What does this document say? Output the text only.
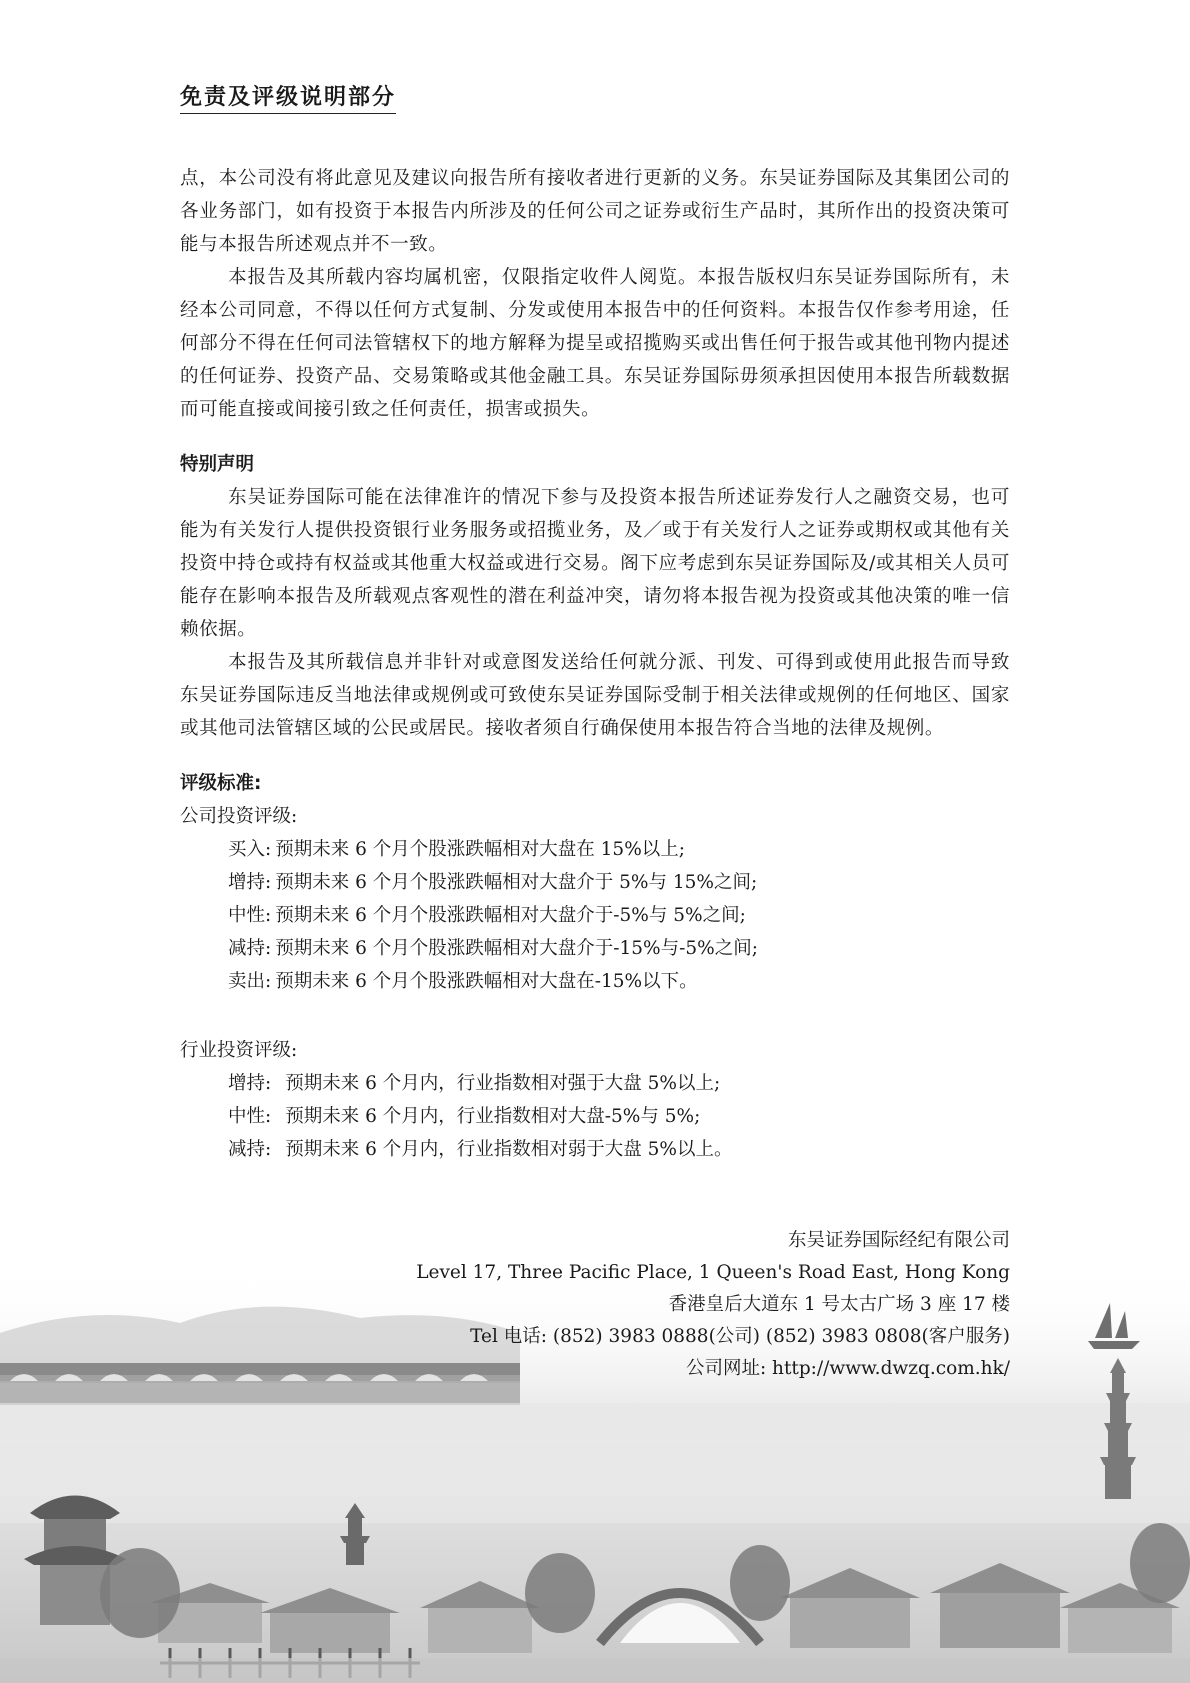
免责及评级说明部分

点，本公司没有将此意见及建议向报告所有接收者进行更新的义务。东吴证券国际及其集团公司的各业务部门，如有投资于本报告内所涉及的任何公司之证券或衍生产品时，其所作出的投资决策可能与本报告所述观点并不一致。

本报告及其所载内容均属机密，仅限指定收件人阅览。本报告版权归东吴证券国际所有，未经本公司同意，不得以任何方式复制、分发或使用本报告中的任何资料。本报告仅作参考用途，任何部分不得在任何司法管辖权下的地方解释为提呈或招揽购买或出售任何于报告或其他刊物内提述的任何证券、投资产品、交易策略或其他金融工具。东吴证券国际毋须承担因使用本报告所载数据而可能直接或间接引致之任何责任，损害或损失。

特别声明

东吴证券国际可能在法律准许的情况下参与及投资本报告所述证券发行人之融资交易，也可能为有关发行人提供投资银行业务服务或招揽业务，及／或于有关发行人之证券或期权或其他有关投资中持仓或持有权益或其他重大权益或进行交易。阁下应考虑到东吴证券国际及/或其相关人员可能存在影响本报告及所载观点客观性的潜在利益冲突，请勿将本报告视为投资或其他决策的唯一信赖依据。

本报告及其所载信息并非针对或意图发送给任何就分派、刊发、可得到或使用此报告而导致东吴证券国际违反当地法律或规例或可致使东吴证券国际受制于相关法律或规例的任何地区、国家或其他司法管辖区域的公民或居民。接收者须自行确保使用本报告符合当地的法律及规例。

评级标准:

公司投资评级:

买入: 预期未来 6 个月个股涨跌幅相对大盘在 15%以上;
增持: 预期未来 6 个月个股涨跌幅相对大盘介于 5%与 15%之间;
中性: 预期未来 6 个月个股涨跌幅相对大盘介于-5%与 5%之间;
减持: 预期未来 6 个月个股涨跌幅相对大盘介于-15%与-5%之间;
卖出: 预期未来 6 个月个股涨跌幅相对大盘在-15%以下。

行业投资评级:

增持: 预期未来 6 个月内，行业指数相对强于大盘 5%以上;
中性: 预期未来 6 个月内，行业指数相对大盘-5%与 5%;
减持: 预期未来 6 个月内，行业指数相对弱于大盘 5%以上。
东吴证券国际经纪有限公司
Level 17, Three Pacific Place, 1 Queen's Road East, Hong Kong
香港皇后大道东 1 号太古广场 3 座 17 楼
Tel 电话: (852) 3983 0888(公司) (852) 3983 0808(客户服务)
公司网址: http://www.dwzq.com.hk/
